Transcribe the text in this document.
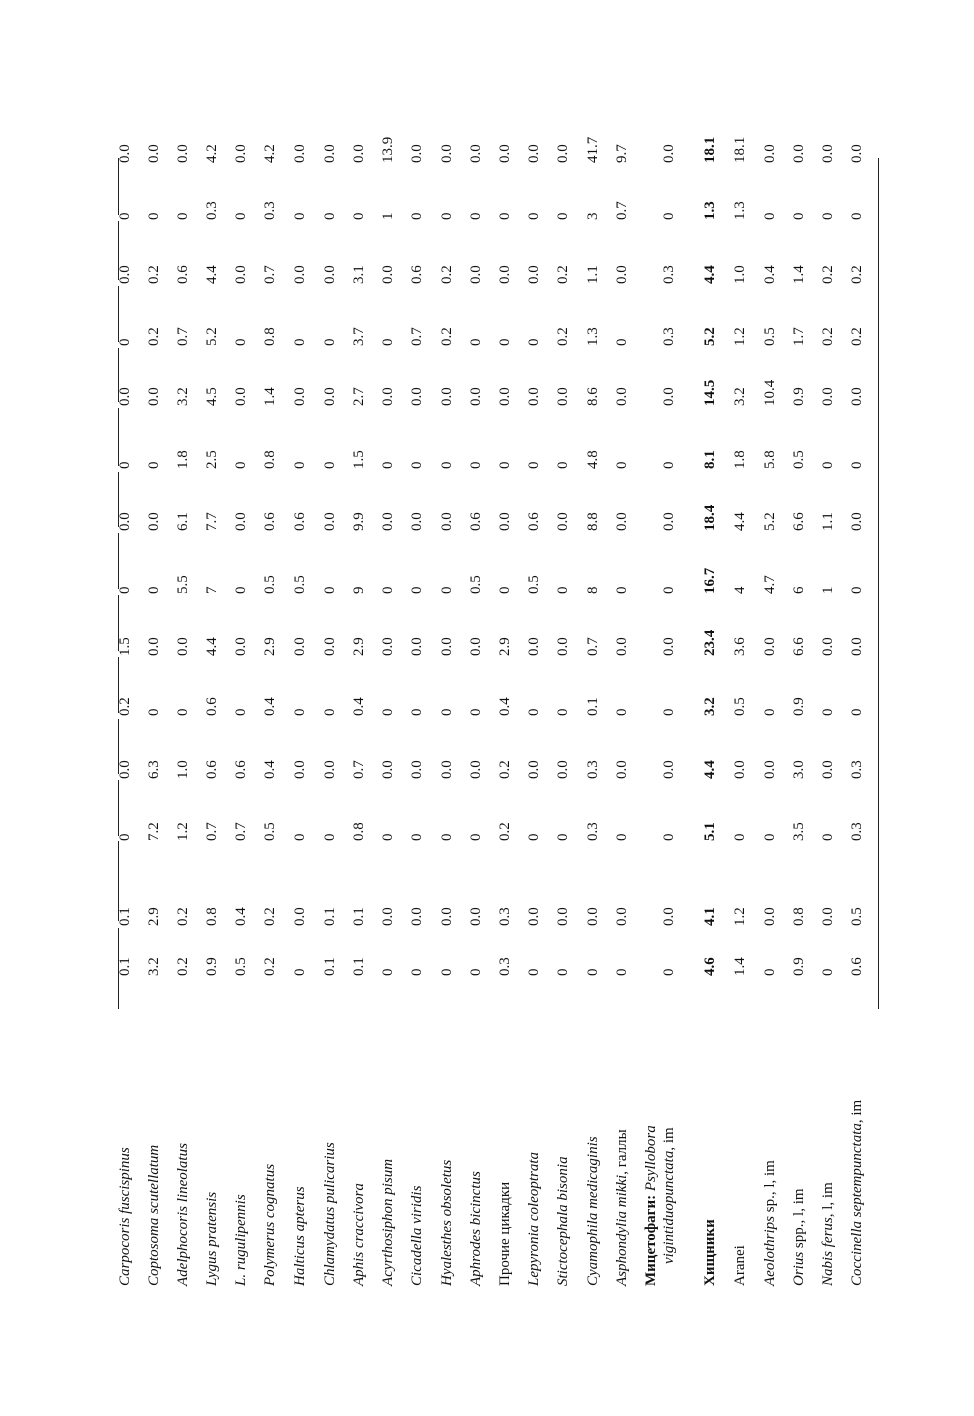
Carpocoris fuscispinus
0.1
0.1
0
0.0
0.2
1.5
0
0.0
0
0.0
0
0.0
0
0.0
Coptosoma scutellatum
3.2
2.9
7.2
6.3
0
0.0
0
0.0
0
0.0
0.2
0.2
0
0.0
Adelphocoris lineolatus
0.2
0.2
1.2
1.0
0
0.0
5.5
6.1
1.8
3.2
0.7
0.6
0
0.0
Lygus pratensis
0.9
0.8
0.7
0.6
0.6
4.4
7
7.7
2.5
4.5
5.2
4.4
0.3
4.2
L. rugulipennis
0.5
0.4
0.7
0.6
0
0.0
0
0.0
0
0.0
0
0.0
0
0.0
Polymerus cognatus
0.2
0.2
0.5
0.4
0.4
2.9
0.5
0.6
0.8
1.4
0.8
0.7
0.3
4.2
Halticus apterus
0
0.0
0
0.0
0
0.0
0.5
0.6
0
0.0
0
0.0
0
0.0
Chlamydatus pulicarius
0.1
0.1
0
0.0
0
0.0
0
0.0
0
0.0
0
0.0
0
0.0
Aphis craccivora
0.1
0.1
0.8
0.7
0.4
2.9
9
9.9
1.5
2.7
3.7
3.1
0
0.0
Acyrthosiphon pisum
0
0.0
0
0.0
0
0.0
0
0.0
0
0.0
0
0.0
1
13.9
Cicadella viridis
0
0.0
0
0.0
0
0.0
0
0.0
0
0.0
0.7
0.6
0
0.0
Hyalesthes obsoletus
0
0.0
0
0.0
0
0.0
0
0.0
0
0.0
0.2
0.2
0
0.0
Aphrodes bicinctus
0
0.0
0
0.0
0
0.0
0.5
0.6
0
0.0
0
0.0
0
0.0
Прочие цикадки
0.3
0.3
0.2
0.2
0.4
2.9
0
0.0
0
0.0
0
0.0
0
0.0
Lepyronia coleoptrata
0
0.0
0
0.0
0
0.0
0.5
0.6
0
0.0
0
0.0
0
0.0
Stictocephala bisonia
0
0.0
0
0.0
0
0.0
0
0.0
0
0.0
0.2
0.2
0
0.0
Cyamophila medicaginis
0
0.0
0.3
0.3
0.1
0.7
8
8.8
4.8
8.6
1.3
1.1
3
41.7
Asphondylia mikki, галлы
0
0.0
0
0.0
0
0.0
0
0.0
0
0.0
0
0.0
0.7
9.7
Мицетофаги: Psyllobora vigintiduopunctata, im
0
0.0
0
0.0
0
0.0
0
0.0
0
0.0
0.3
0.3
0
0.0
Хищники
4.6
4.1
5.1
4.4
3.2
23.4
16.7
18.4
8.1
14.5
5.2
4.4
1.3
18.1
Aranei
1.4
1.2
0
0.0
0.5
3.6
4
4.4
1.8
3.2
1.2
1.0
1.3
18.1
Aeolothrips sp., l, im
0
0.0
0
0.0
0
0.0
4.7
5.2
5.8
10.4
0.5
0.4
0
0.0
Orius spp., l, im
0.9
0.8
3.5
3.0
0.9
6.6
6
6.6
0.5
0.9
1.7
1.4
0
0.0
Nabis ferus, l, im
0
0.0
0
0.0
0
0.0
1
1.1
0
0.0
0.2
0.2
0
0.0
Coccinella septempunctata, im
0.6
0.5
0.3
0.3
0
0.0
0
0.0
0
0.0
0.2
0.2
0
0.0
